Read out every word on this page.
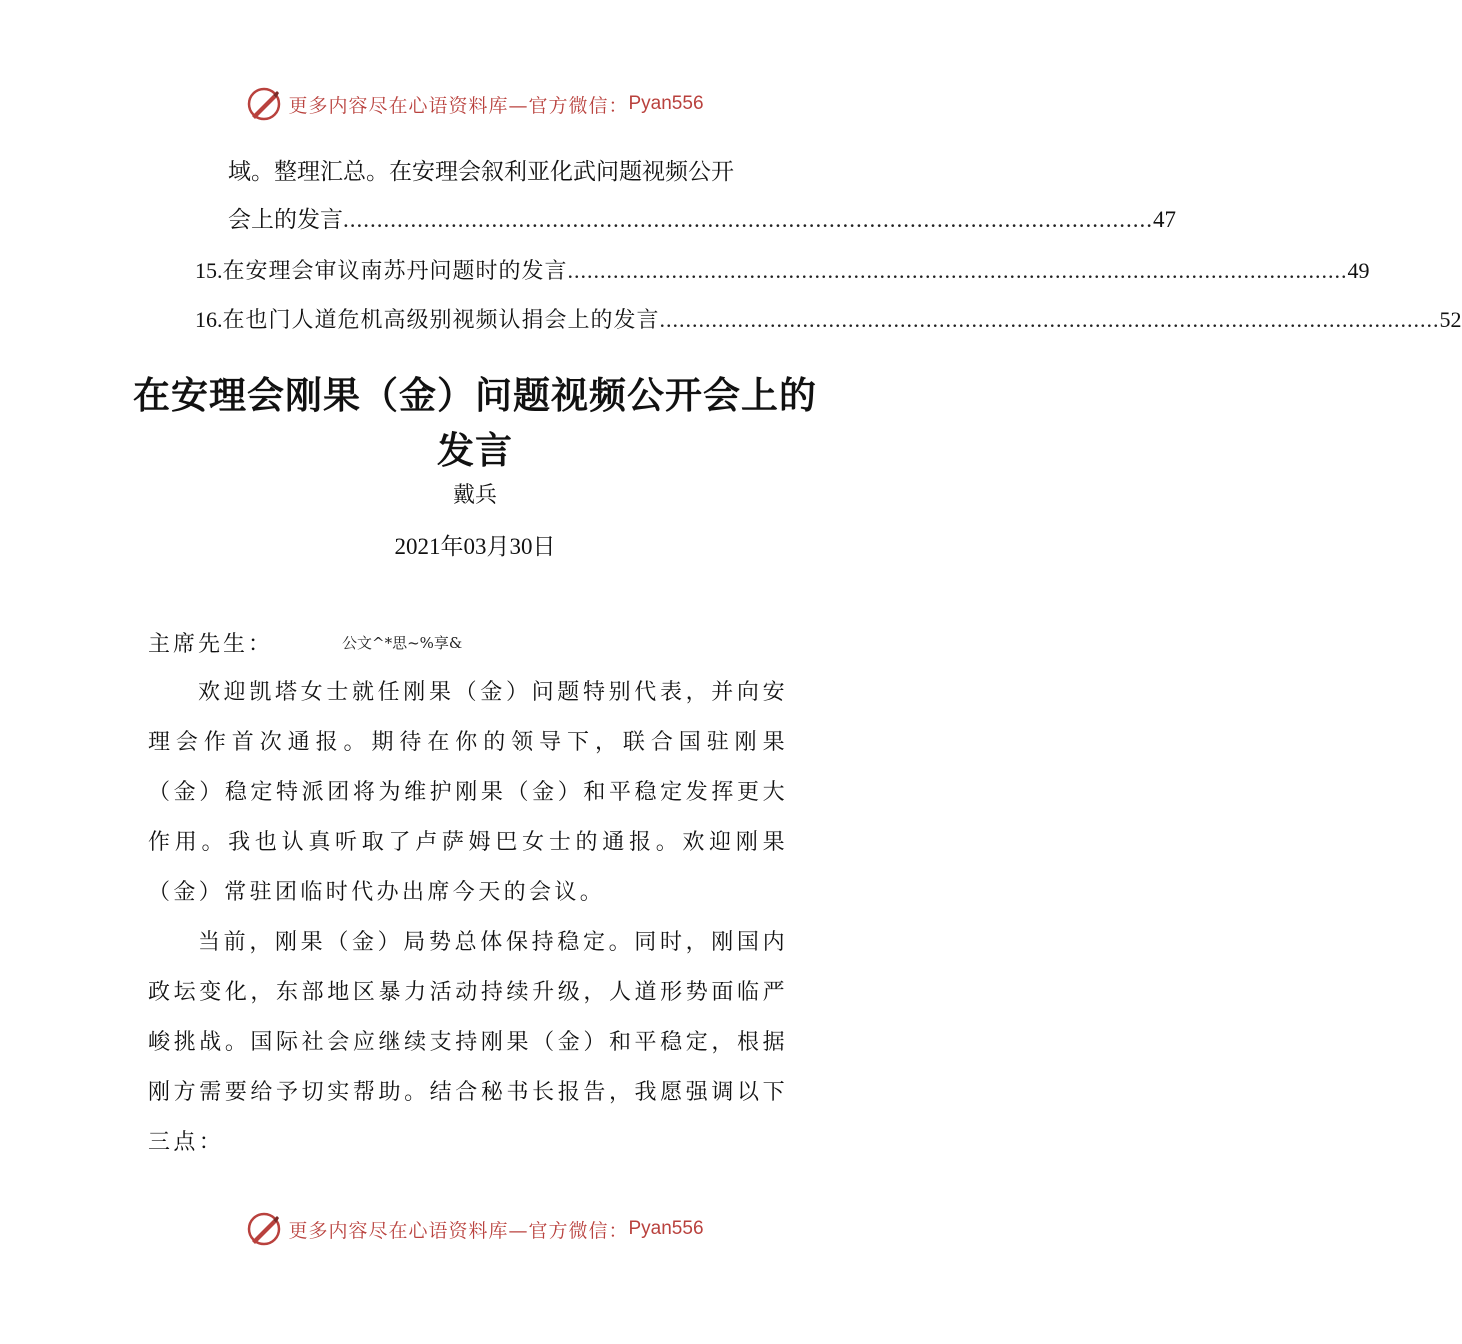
更多内容尽在心语资料库—官方微信： Pyan556
域。整理汇总。在安理会叙利亚化武问题视频公开
会上的发言 ........................................................................................................................ 47
15. 在安理会审议南苏丹问题时的发言 ........................................................................................................................ 49
16. 在也门人道危机高级别视频认捐会上的发言 ........................................................................................................................ 52
在安理会刚果（金）问题视频公开会上的
发言
戴兵
2021年03月30日
主席先生：	公文^*思~%享&

欢迎凯塔女士就任刚果（金）问题特别代表，并向安理会作首次通报。期待在你的领导下，联合国驻刚果（金）稳定特派团将为维护刚果（金）和平稳定发挥更大作用。我也认真听取了卢萨姆巴女士的通报。欢迎刚果（金）常驻团临时代办出席今天的会议。

当前，刚果（金）局势总体保持稳定。同时，刚国内政坛变化，东部地区暴力活动持续升级，人道形势面临严峻挑战。国际社会应继续支持刚果（金）和平稳定，根据刚方需要给予切实帮助。结合秘书长报告，我愿强调以下三点：

更多内容尽在心语资料库—官方微信： Pyan556
